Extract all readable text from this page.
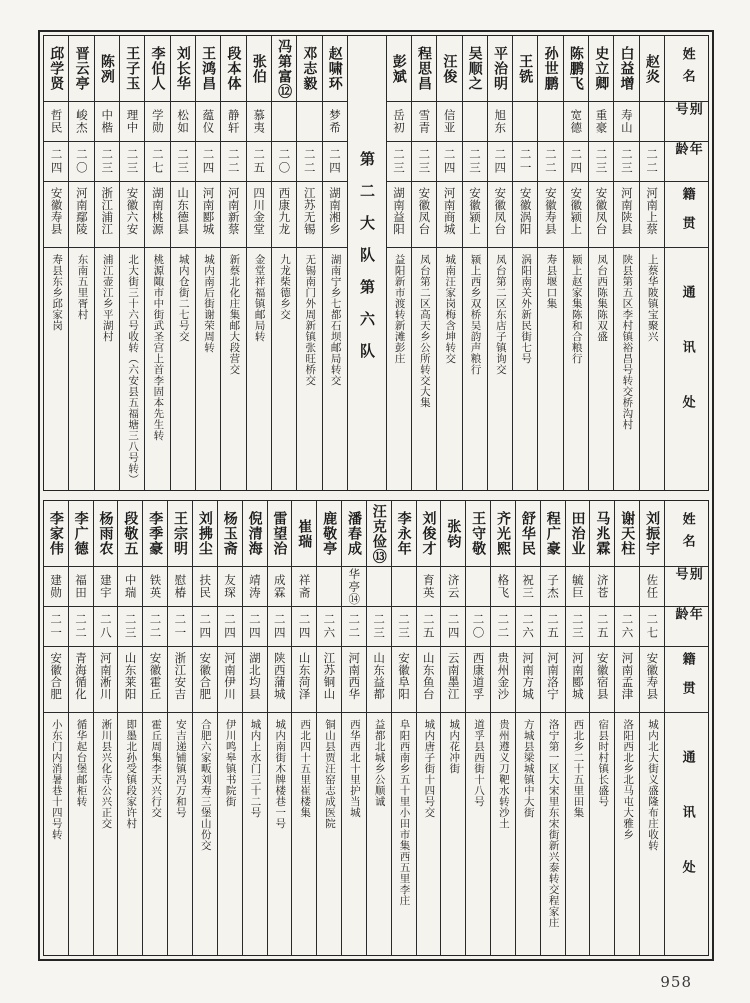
姓名
别号
年龄
籍贯
通讯处
赵炎
二二
河南上蔡
上蔡华陂镇宝聚兴
白益增
寿山
二三
河南陕县
陕县第五区李村镇裕昌号转交桥沟村
史立卿
重豪
二三
安徽凤台
凤台西陈集陈双盛
陈鹏飞
宽德
二四
安徽颍上
颍上赵家集陈和合粮行
孙世鹏
二二
安徽寿县
寿县堰口集
王铣
二一
安徽涡阳
涡阳南关外新民街七号
平治明
旭东
二四
安徽凤台
凤台第二区东店子镇询交
吴顺之
二三
安徽颍上
颍上西乡双桥吴韵声粮行
汪俊
信亚
二四
河南商城
城南汪家岗梅含坤转交
程思昌
雪青
二三
安徽凤台
凤台第二区高天乡公所转交大集
彭斌
岳初
二三
湖南益阳
益阳新市渡转新滩彭庄
第二大队第六队
赵啸环
梦希
二四
湖南湘乡
湖南宁乡七都石坝邮局转交
邓志毅
二二
江苏无锡
无锡南门外周新镇张旺桥交
冯第富⑫
二〇
西康九龙
九龙柴德乡交
张伯
慕夷
二五
四川金堂
金堂祥福镇邮局转
段本体
静轩
二二
河南新蔡
新蔡北化庄集邮大段营交
王鸿昌
蕴仪
二四
河南郾城
城内南后街谢荣周转
刘长华
松如
二三
山东德县
城内仓街二七号交
李伯人
学勋
二七
湖南桃源
桃源陬市中街武圣宫上首李固本先生转
王子玉
理中
二三
安徽六安
北大街三十六号收转（六安县五福塘三八号转）
陈冽
中楷
二三
浙江浦江
浦江壶江乡平湖村
晋云亭
峻杰
二〇
河南鄢陵
东南五里胥村
邱学贤
哲民
二四
安徽寿县
寿县东乡邱家岗
姓名
别号
年龄
籍贯
通讯处
刘振宇
佐任
二七
安徽寿县
城内北大街义盛隆布庄收转
谢天柱
二六
河南孟津
洛阳西北乡北马屯大雅乡
马兆霖
济苍
二五
安徽宿县
宿县时村镇长盛号
田治业
毓巨
二三
河南郾城
西北乡二十五里田集
程广豪
子杰
二五
河南洛宁
洛宁第一区大宋里东宋街新兴泰转交程家庄
舒华民
祝三
二六
河南方城
方城县梁城镇中大街
齐光熙
格飞
二二
贵州金沙
贵州遵义刀靶水转沙土
王守敬
二〇
西康道孚
道孚县西街十八号
张钧
济云
二四
云南墨江
城内花冲街
刘俊才
育英
二五
山东鱼台
城内唐子街十四号交
李永年
二三
安徽阜阳
阜阳西南乡五十里小田市集西五里李庄
汪克俭⑬
二三
山东益都
益都北城乡公顺诚
潘春成
华亭⑭
二二
河南西华
西华西北十里护当城
鹿敬亭
二六
江苏铜山
铜山县贾汪窑志成医院
崔瑞
祥斋
二四
山东菏泽
西北四十五里崔楼集
雷望治
成霖
二四
陕西蒲城
城内南街木牌楼巷一号
倪清海
靖涛
二四
湖北均县
城内上水门三十二号
杨玉斋
友琛
二四
河南伊川
伊川鸣皋镇书院街
刘拂尘
扶民
二四
安徽合肥
合肥六家畈刘寿三堡山份交
王宗明
慰椿
二一
浙江安吉
安吉递铺镇冯万和号
李季豪
铁英
二二
安徽霍丘
霍丘周集李天兴行交
段敬五
中瑞
二三
山东莱阳
即墨北孙受镇段家许村
杨雨农
建宇
二八
河南淅川
淅川县兴化寺公兴正交
李广德
福田
二二
青海循化
循华起台堡邮柜转
李家伟
建勋
二一
安徽合肥
小东门内消暑巷十四号转
958
